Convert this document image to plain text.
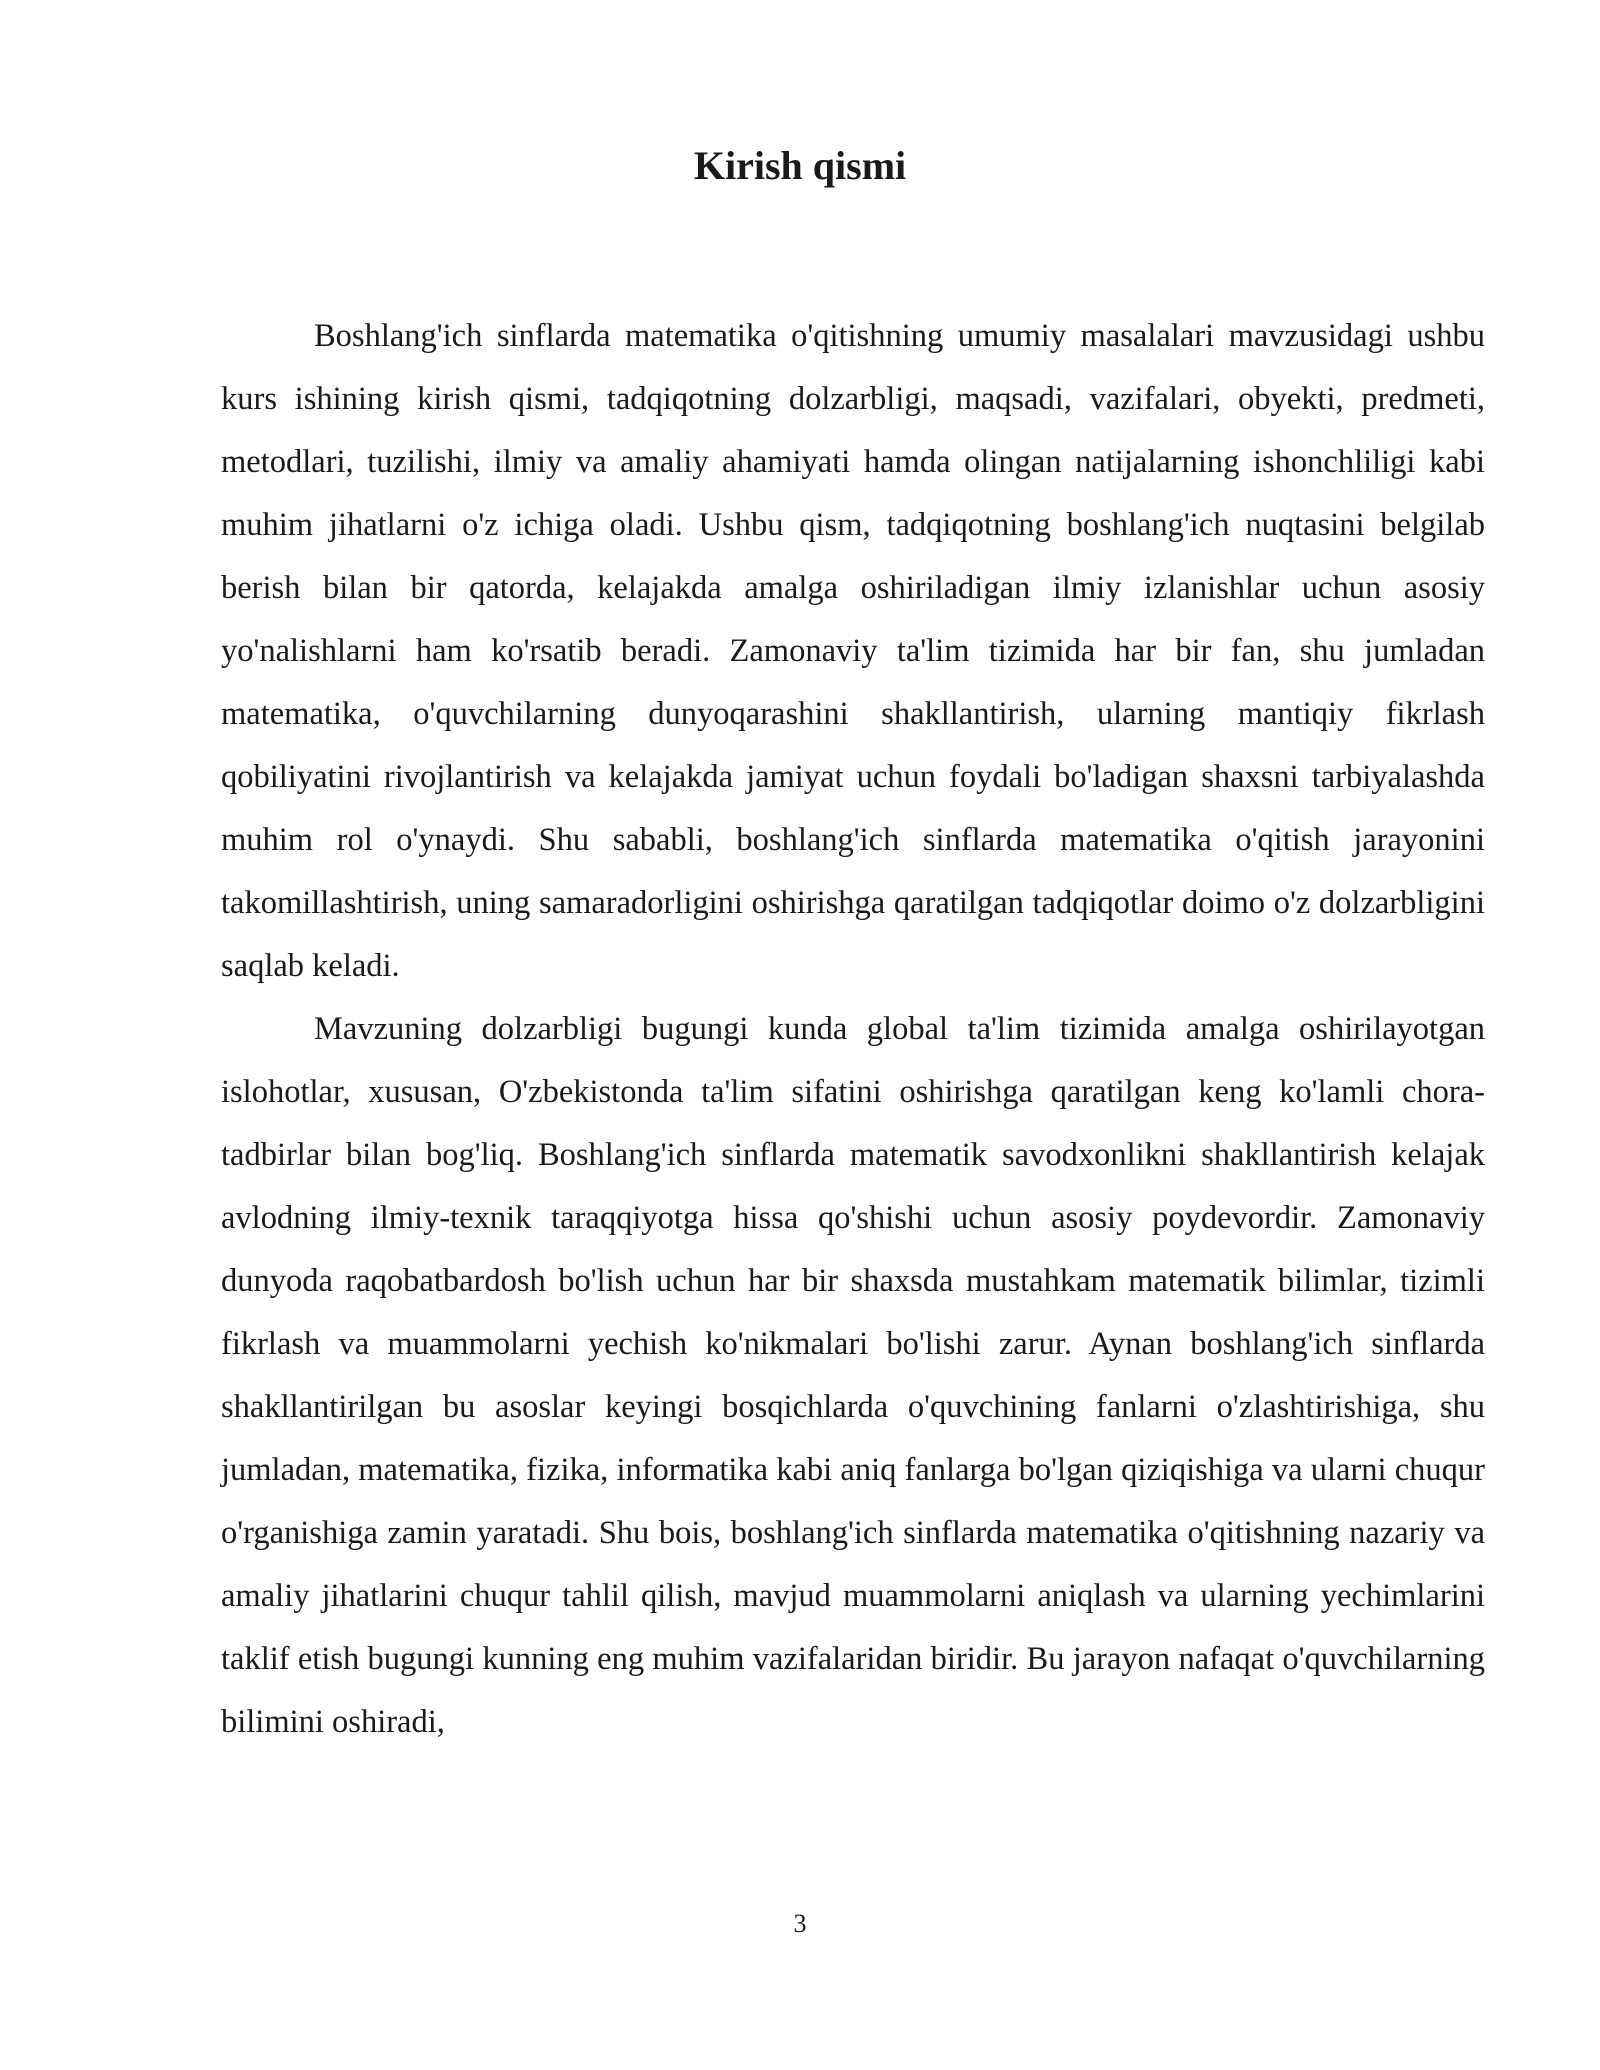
Kirish qismi

Boshlang'ich sinflarda matematika o'qitishning umumiy masalalari mavzusidagi ushbu kurs ishining kirish qismi, tadqiqotning dolzarbligi, maqsadi, vazifalari, obyekti, predmeti, metodlari, tuzilishi, ilmiy va amaliy ahamiyati hamda olingan natijalarning ishonchliligi kabi muhim jihatlarni o'z ichiga oladi. Ushbu qism, tadqiqotning boshlang'ich nuqtasini belgilab berish bilan bir qatorda, kelajakda amalga oshiriladigan ilmiy izlanishlar uchun asosiy yo'nalishlarni ham ko'rsatib beradi. Zamonaviy ta'lim tizimida har bir fan, shu jumladan matematika, o'quvchilarning dunyoqarashini shakllantirish, ularning mantiqiy fikrlash qobiliyatini rivojlantirish va kelajakda jamiyat uchun foydali bo'ladigan shaxsni tarbiyalashda muhim rol o'ynaydi. Shu sababli, boshlang'ich sinflarda matematika o'qitish jarayonini takomillashtirish, uning samaradorligini oshirishga qaratilgan tadqiqotlar doimo o'z dolzarbligini saqlab keladi.

Mavzuning dolzarbligi bugungi kunda global ta'lim tizimida amalga oshirilayotgan islohotlar, xususan, O'zbekistonda ta'lim sifatini oshirishga qaratilgan keng ko'lamli chora-tadbirlar bilan bog'liq. Boshlang'ich sinflarda matematik savodxonlikni shakllantirish kelajak avlodning ilmiy-texnik taraqqiyotga hissa qo'shishi uchun asosiy poydevordir. Zamonaviy dunyoda raqobatbardosh bo'lish uchun har bir shaxsda mustahkam matematik bilimlar, tizimli fikrlash va muammolarni yechish ko'nikmalari bo'lishi zarur. Aynan boshlang'ich sinflarda shakllantirilgan bu asoslar keyingi bosqichlarda o'quvchining fanlarni o'zlashtirishiga, shu jumladan, matematika, fizika, informatika kabi aniq fanlarga bo'lgan qiziqishiga va ularni chuqur o'rganishiga zamin yaratadi. Shu bois, boshlang'ich sinflarda matematika o'qitishning nazariy va amaliy jihatlarini chuqur tahlil qilish, mavjud muammolarni aniqlash va ularning yechimlarini taklif etish bugungi kunning eng muhim vazifalaridan biridir. Bu jarayon nafaqat o'quvchilarning bilimini oshiradi,

3
